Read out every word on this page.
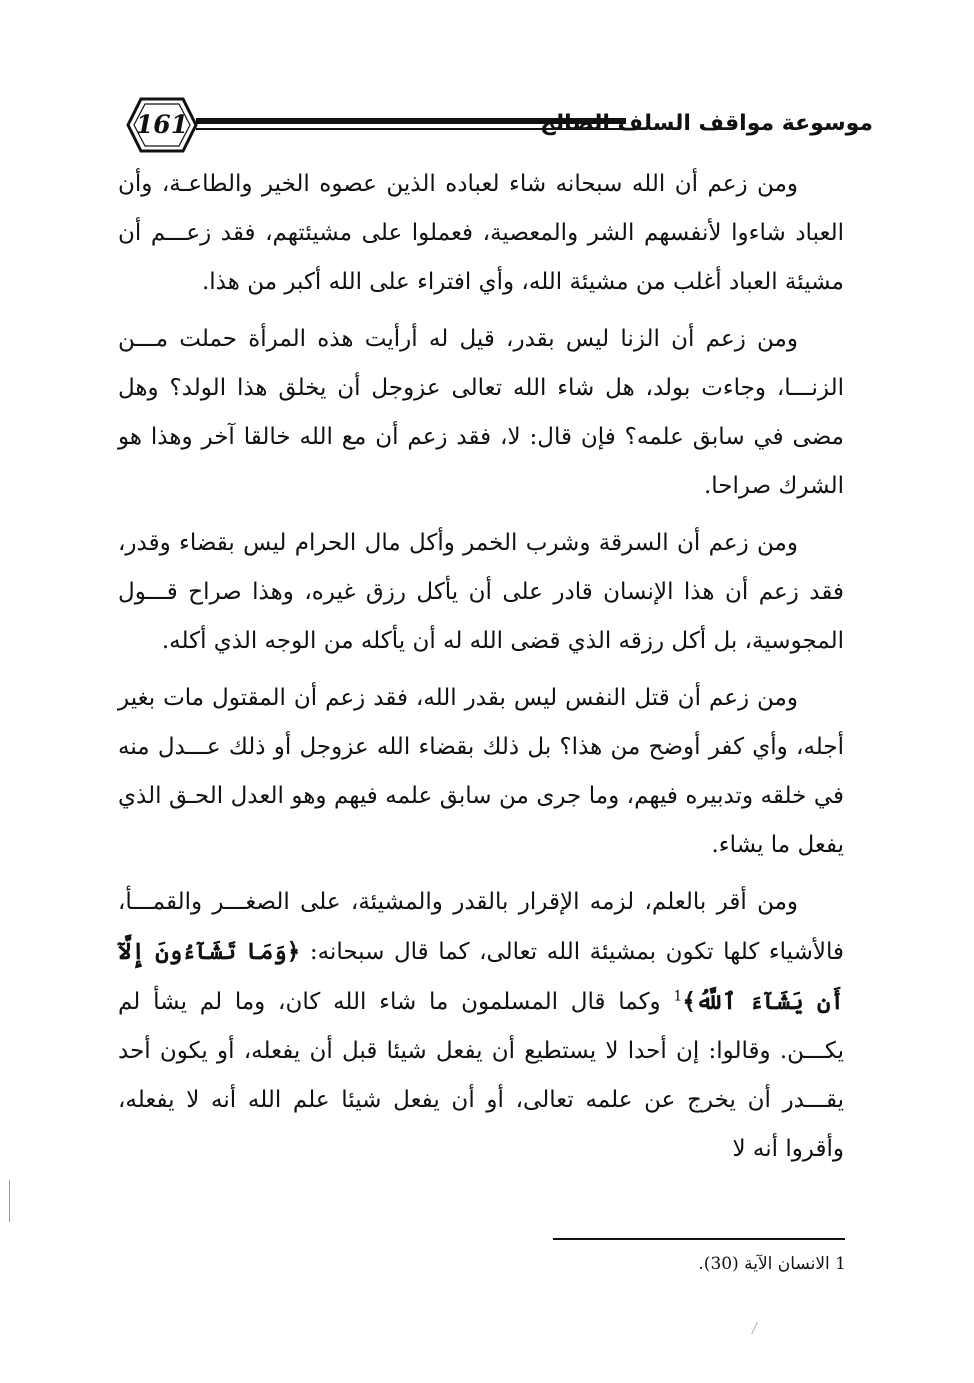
161	موسوعة مواقف السلف الصالح

ومن زعم أن الله سبحانه شاء لعباده الذين عصوه الخير والطاعـة، وأن العباد شاءوا لأنفسهم الشر والمعصية، فعملوا على مشيئتهم، فقد زعـــم أن مشيئة العباد أغلب من مشيئة الله، وأي افتراء على الله أكبر من هذا.

ومن زعم أن الزنا ليس بقدر، قيل له أرأيت هذه المرأة حملت مـــن الزنـــا، وجاءت بولد، هل شاء الله تعالى عزوجل أن يخلق هذا الولد؟ وهل مضى في سابق علمه؟ فإن قال: لا، فقد زعم أن مع الله خالقا آخر وهذا هو الشرك صراحا.

ومن زعم أن السرقة وشرب الخمر وأكل مال الحرام ليس بقضاء وقدر، فقد زعم أن هذا الإنسان قادر على أن يأكل رزق غيره، وهذا صراح قـــول المجوسية، بل أكل رزقه الذي قضى الله له أن يأكله من الوجه الذي أكله.

ومن زعم أن قتل النفس ليس بقدر الله، فقد زعم أن المقتول مات بغير أجله، وأي كفر أوضح من هذا؟ بل ذلك بقضاء الله عزوجل أو ذلك عـــدل منه في خلقه وتدبيره فيهم، وما جرى من سابق علمه فيهم وهو العدل الحـق الذي يفعل ما يشاء.

ومن أقر بالعلم، لزمه الإقرار بالقدر والمشيئة، على الصغـــر والقمـــأ، فالأشياء كلها تكون بمشيئة الله تعالى، كما قال سبحانه: ﴿وَمَا تَشَآءُونَ إِلَّآ أَن يَشَآءَ ٱللَّهُ﴾$^1$ وكما قال المسلمون ما شاء الله كان، وما لم يشأ لم يكـــن. وقالوا: إن أحدا لا يستطيع أن يفعل شيئا قبل أن يفعله، أو يكون أحد يقـــدر أن يخرج عن علمه تعالى، أو أن يفعل شيئا علم الله أنه لا يفعله، وأقروا أنه لا

1 الانسان الآية (30).
